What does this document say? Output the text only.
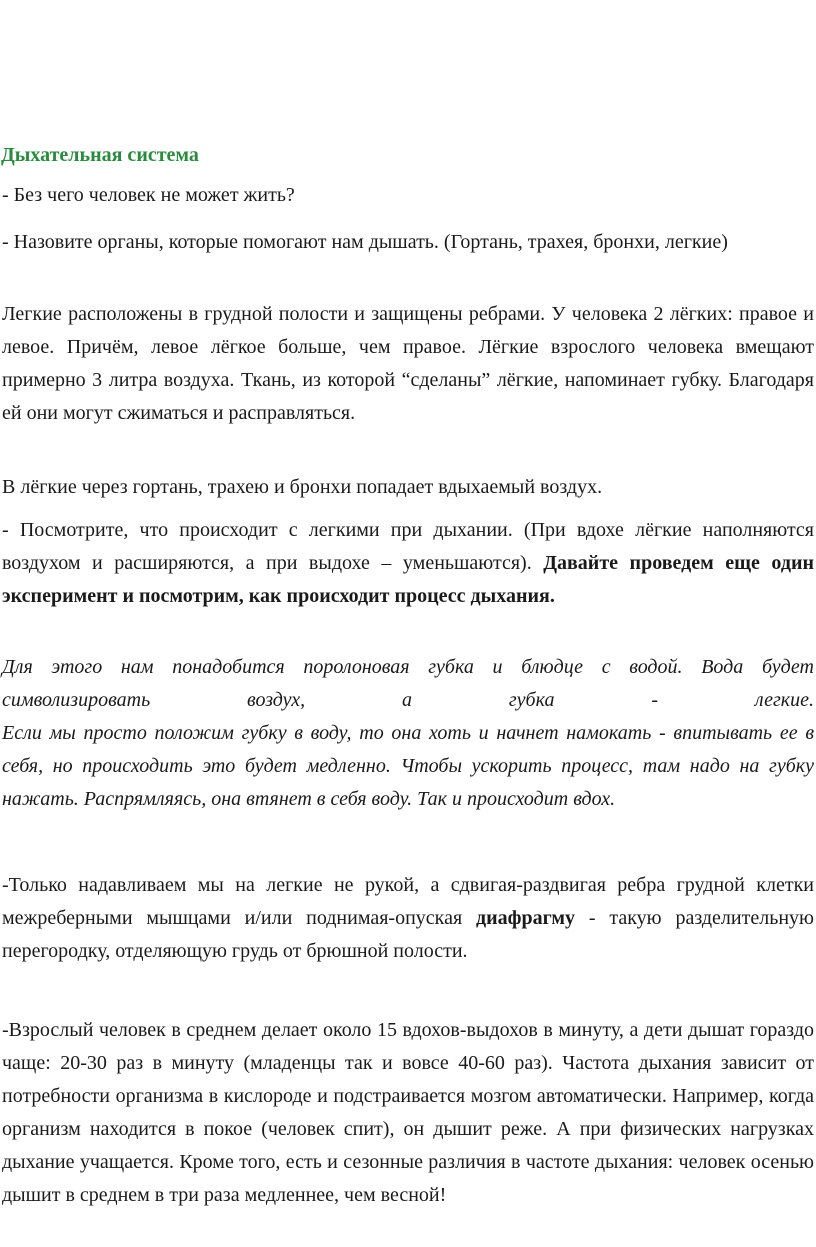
Дыхательная система

- Без чего человек не может жить?

- Назовите органы, которые помогают нам дышать. (Гортань, трахея, бронхи, легкие)

Легкие расположены в грудной полости и защищены ребрами. У человека 2 лёгких: правое и левое. Причём, левое лёгкое больше, чем правое. Лёгкие взрослого человека вмещают примерно 3 литра воздуха. Ткань, из которой “сделаны” лёгкие, напоминает губку. Благодаря ей они могут сжиматься и расправляться.

В лёгкие через гортань, трахею и бронхи попадает вдыхаемый воздух.

- Посмотрите, что происходит с легкими при дыхании. (При вдохе лёгкие наполняются воздухом и расширяются, а при выдохе – уменьшаются). Давайте проведем еще один эксперимент и посмотрим, как происходит процесс дыхания.

Для этого нам понадобится поролоновая губка и блюдце с водой. Вода будет символизировать воздух, а губка - легкие.
Если мы просто положим губку в воду, то она хоть и начнет намокать - впитывать ее в себя, но происходить это будет медленно. Чтобы ускорить процесс, там надо на губку нажать. Распрямляясь, она втянет в себя воду. Так и происходит вдох.

-Только надавливаем мы на легкие не рукой, а сдвигая-раздвигая ребра грудной клетки межреберными мышцами и/или поднимая-опуская диафрагму - такую разделительную перегородку, отделяющую грудь от брюшной полости.

-Взрослый человек в среднем делает около 15 вдохов-выдохов в минуту, а дети дышат гораздо чаще: 20-30 раз в минуту (младенцы так и вовсе 40-60 раз). Частота дыхания зависит от потребности организма в кислороде и подстраивается мозгом автоматически. Например, когда организм находится в покое (человек спит), он дышит реже. А при физических нагрузках дыхание учащается. Кроме того, есть и сезонные различия в частоте дыхания: человек осенью дышит в среднем в три раза медленнее, чем весной!
